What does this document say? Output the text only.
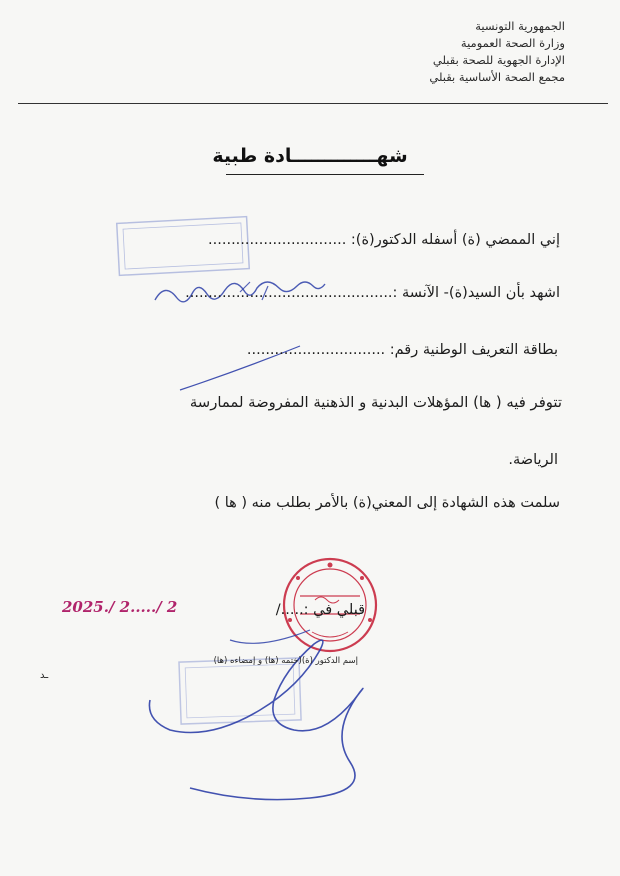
الجمهورية التونسية
وزارة الصحة العمومية
الإدارة الجهوية للصحة بقبلي
مجمع الصحة الأساسية بقبلي
شهـــــــــــــادة طبية
إني الممضي (ة) أسفله الدكتور(ة): ..............................
اشهد بأن السيد(ة)- الآنسة :.............................................
بطاقة التعريف الوطنية رقم: ..............................
تتوفر فيه ( ها) المؤهلات البدنية و الذهنية المفروضة لممارسة
الرياضة.
سلمت هذه الشهادة إلى المعني(ة) بالأمر بطلب منه ( ها )
قبلي في :...../
2025./ 2...../ 2
إسم الدكتور (ة)(ختمه (ها) و إمضاءه (ها)
ـد
